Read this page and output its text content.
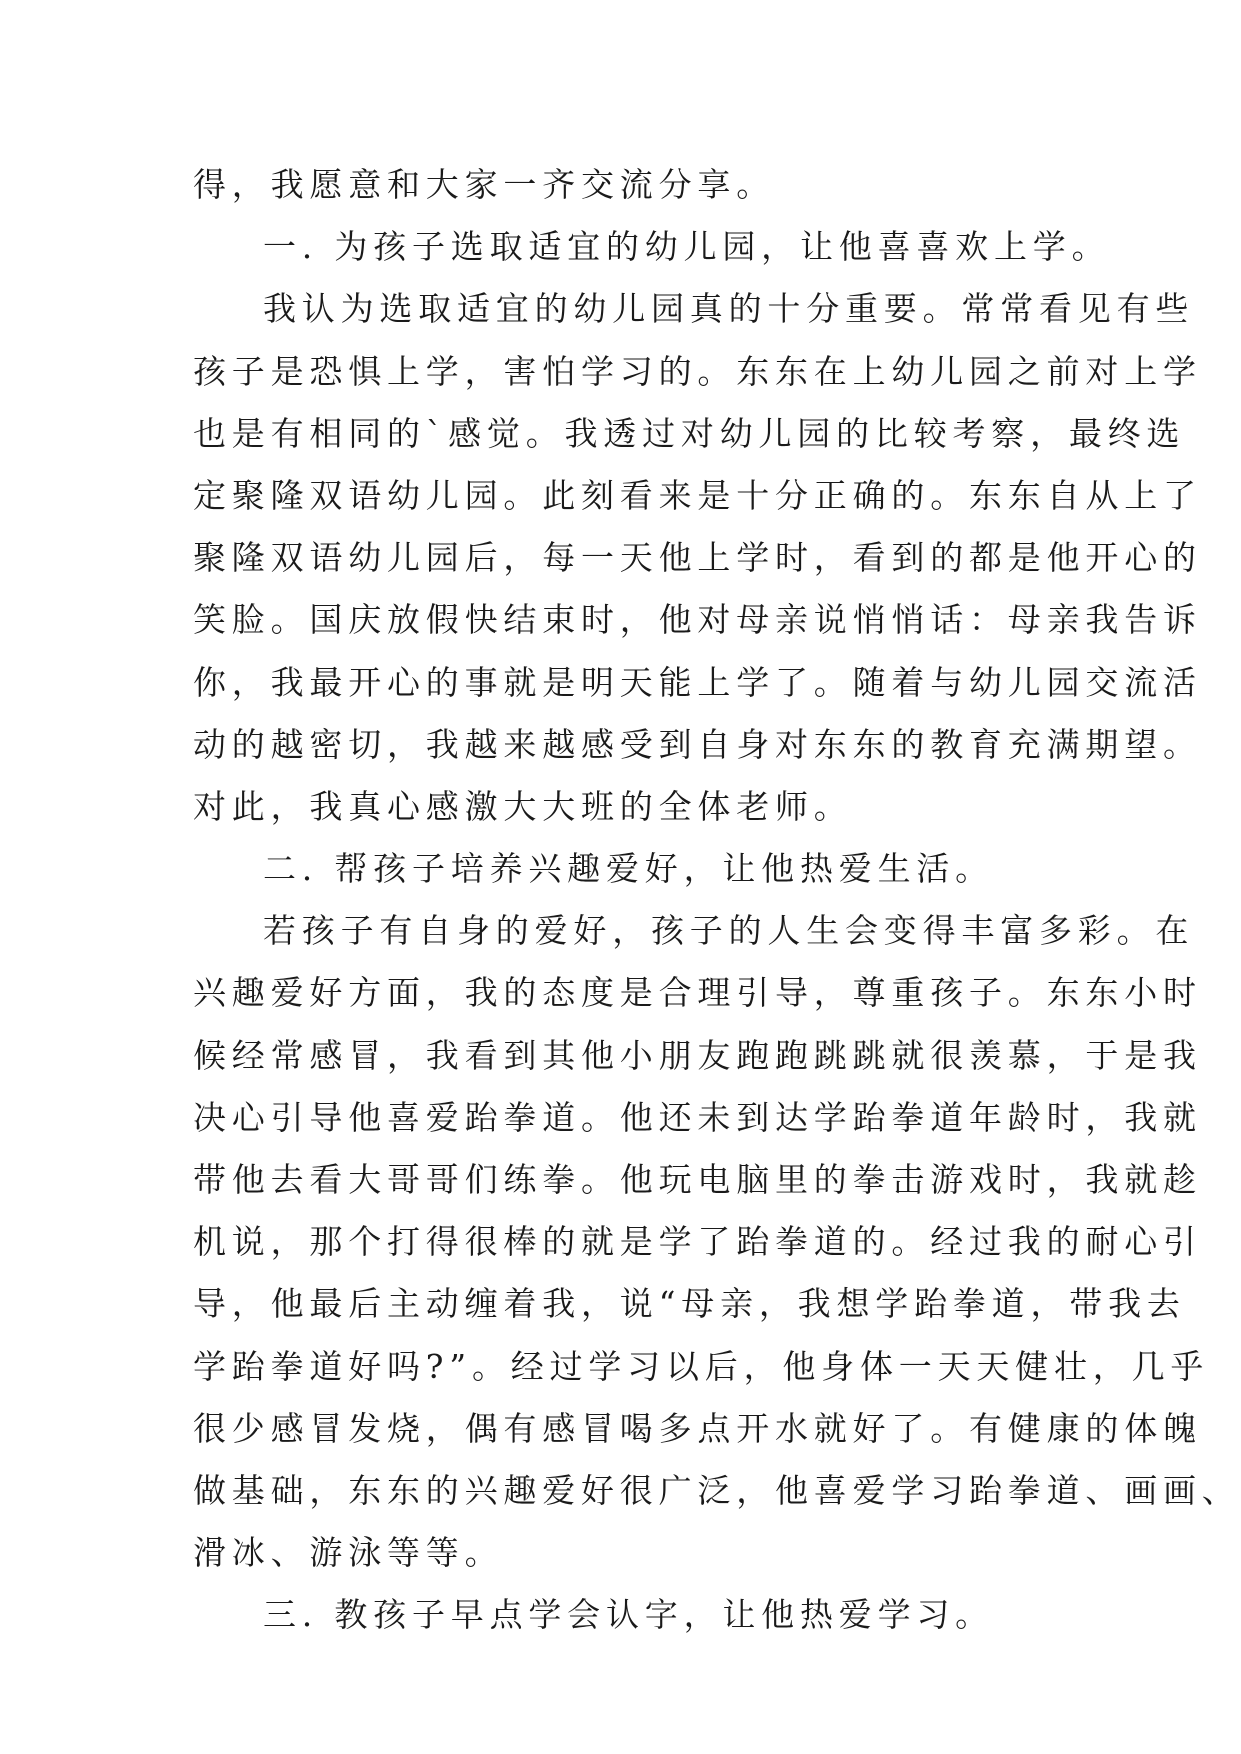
得，我愿意和大家一齐交流分享。
一. 为孩子选取适宜的幼儿园，让他喜喜欢上学。
我认为选取适宜的幼儿园真的十分重要。常常看见有些
孩子是恐惧上学，害怕学习的。东东在上幼儿园之前对上学
也是有相同的`感觉。我透过对幼儿园的比较考察，最终选
定聚隆双语幼儿园。此刻看来是十分正确的。东东自从上了
聚隆双语幼儿园后，每一天他上学时，看到的都是他开心的
笑脸。国庆放假快结束时，他对母亲说悄悄话：母亲我告诉
你，我最开心的事就是明天能上学了。随着与幼儿园交流活
动的越密切，我越来越感受到自身对东东的教育充满期望。
对此，我真心感激大大班的全体老师。
二. 帮孩子培养兴趣爱好，让他热爱生活。
若孩子有自身的爱好，孩子的人生会变得丰富多彩。在
兴趣爱好方面，我的态度是合理引导，尊重孩子。东东小时
候经常感冒，我看到其他小朋友跑跑跳跳就很羡慕，于是我
决心引导他喜爱跆拳道。他还未到达学跆拳道年龄时，我就
带他去看大哥哥们练拳。他玩电脑里的拳击游戏时，我就趁
机说，那个打得很棒的就是学了跆拳道的。经过我的耐心引
导，他最后主动缠着我，说“母亲，我想学跆拳道，带我去
学跆拳道好吗?”。经过学习以后，他身体一天天健壮，几乎
很少感冒发烧，偶有感冒喝多点开水就好了。有健康的体魄
做基础，东东的兴趣爱好很广泛，他喜爱学习跆拳道、画画、
滑冰、游泳等等。
三. 教孩子早点学会认字，让他热爱学习。
